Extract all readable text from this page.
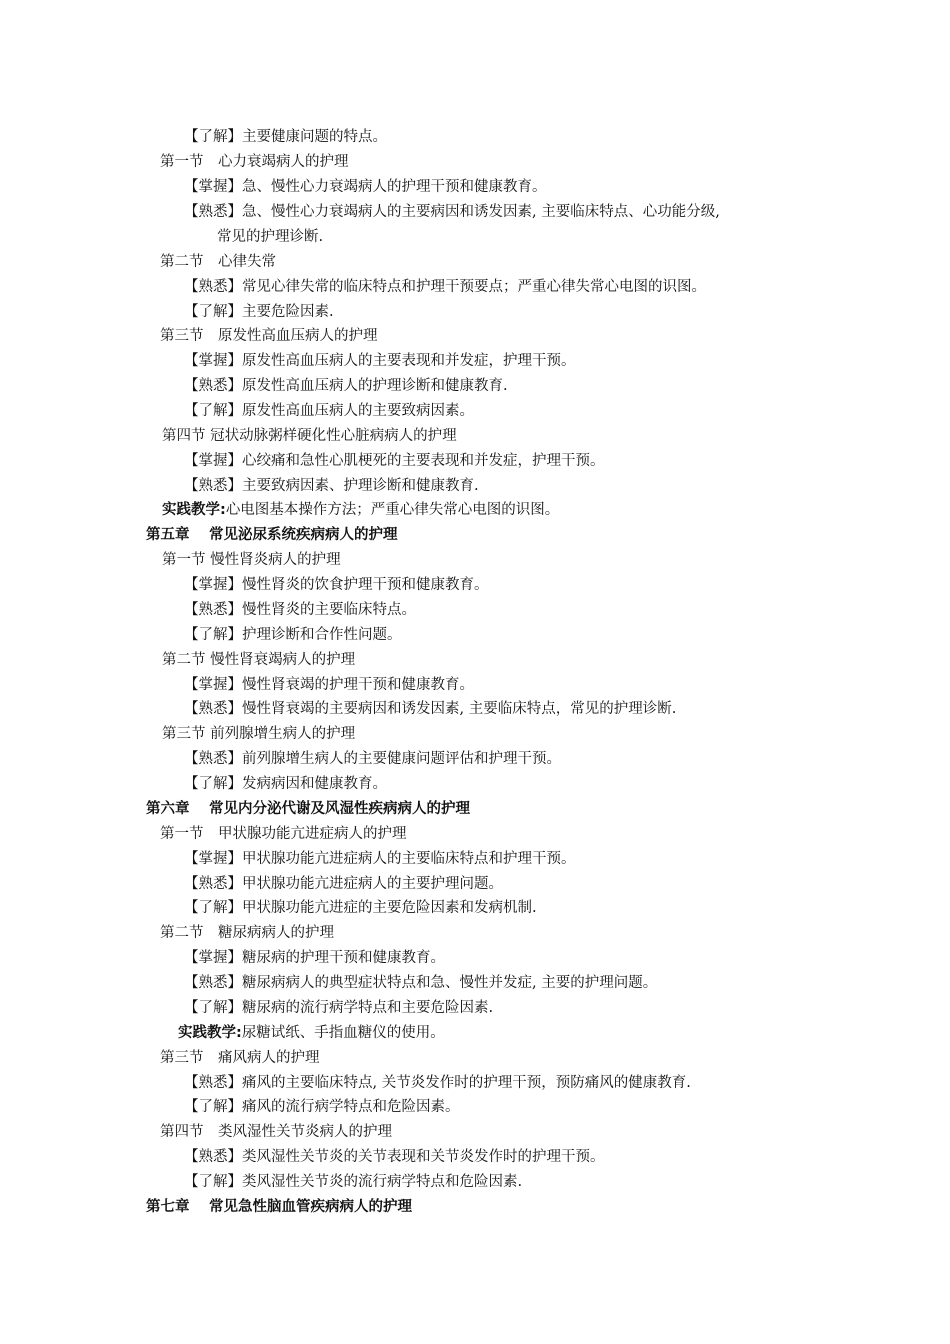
【了解】主要健康问题的特点。
第一节　心力衰竭病人的护理
【掌握】急、慢性心力衰竭病人的护理干预和健康教育。
【熟悉】急、慢性心力衰竭病人的主要病因和诱发因素, 主要临床特点、心功能分级,
常见的护理诊断.
第二节　心律失常
【熟悉】常见心律失常的临床特点和护理干预要点；严重心律失常心电图的识图。
【了解】主要危险因素.
第三节　原发性高血压病人的护理
【掌握】原发性高血压病人的主要表现和并发症，护理干预。
【熟悉】原发性高血压病人的护理诊断和健康教育.
【了解】原发性高血压病人的主要致病因素。
第四节 冠状动脉粥样硬化性心脏病病人的护理
【掌握】心绞痛和急性心肌梗死的主要表现和并发症，护理干预。
【熟悉】主要致病因素、护理诊断和健康教育.
实践教学:心电图基本操作方法；严重心律失常心电图的识图。
第五章　 常见泌尿系统疾病病人的护理
第一节 慢性肾炎病人的护理
【掌握】慢性肾炎的饮食护理干预和健康教育。
【熟悉】慢性肾炎的主要临床特点。
【了解】护理诊断和合作性问题。
第二节 慢性肾衰竭病人的护理
【掌握】慢性肾衰竭的护理干预和健康教育。
【熟悉】慢性肾衰竭的主要病因和诱发因素, 主要临床特点，常见的护理诊断.
第三节 前列腺增生病人的护理
【熟悉】前列腺增生病人的主要健康问题评估和护理干预。
【了解】发病病因和健康教育。
第六章　 常见内分泌代谢及风湿性疾病病人的护理
第一节　甲状腺功能亢进症病人的护理
【掌握】甲状腺功能亢进症病人的主要临床特点和护理干预。
【熟悉】甲状腺功能亢进症病人的主要护理问题。
【了解】甲状腺功能亢进症的主要危险因素和发病机制.
第二节　糖尿病病人的护理
【掌握】糖尿病的护理干预和健康教育。
【熟悉】糖尿病病人的典型症状特点和急、慢性并发症, 主要的护理问题。
【了解】糖尿病的流行病学特点和主要危险因素.
实践教学:尿糖试纸、手指血糖仪的使用。
第三节　痛风病人的护理
【熟悉】痛风的主要临床特点, 关节炎发作时的护理干预，预防痛风的健康教育.
【了解】痛风的流行病学特点和危险因素。
第四节　类风湿性关节炎病人的护理
【熟悉】类风湿性关节炎的关节表现和关节炎发作时的护理干预。
【了解】类风湿性关节炎的流行病学特点和危险因素.
第七章　 常见急性脑血管疾病病人的护理
